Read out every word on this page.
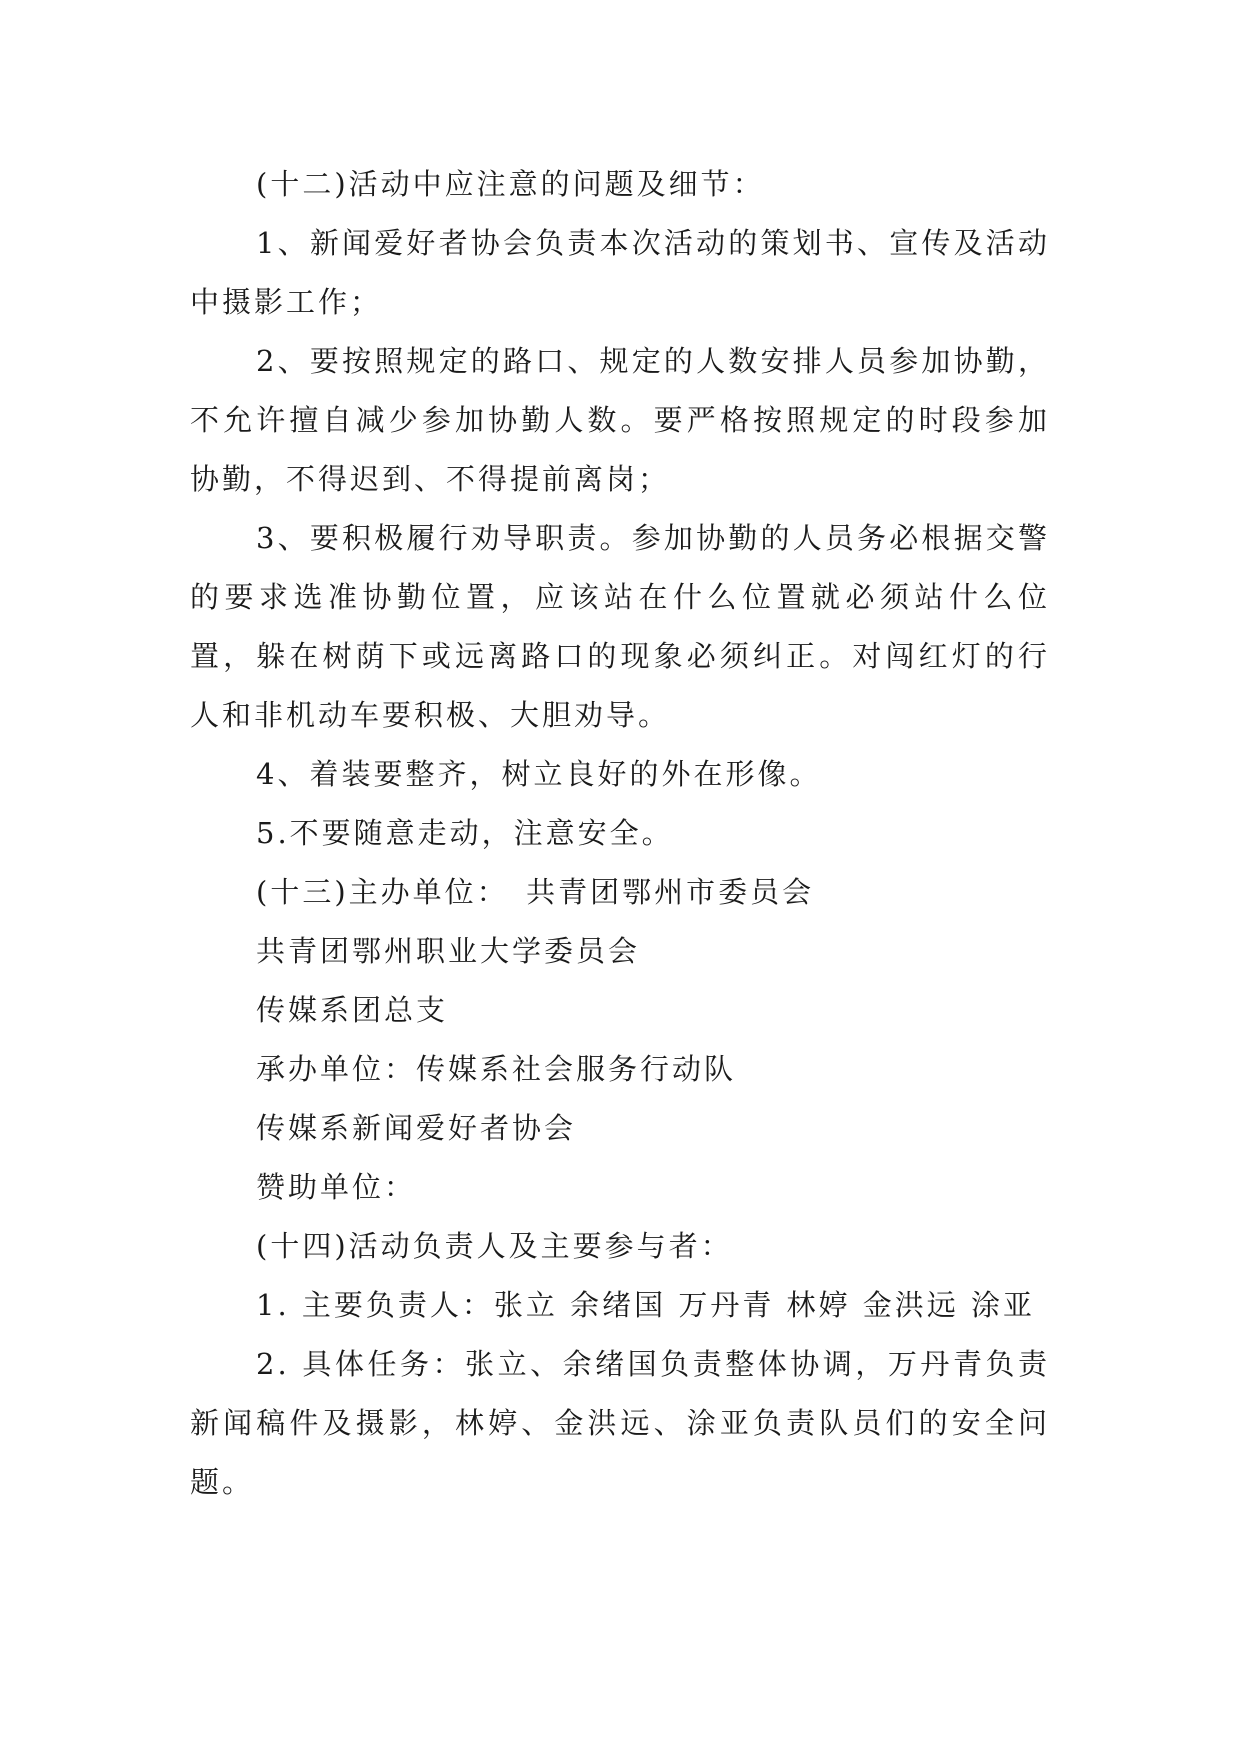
(十二)活动中应注意的问题及细节：

1、新闻爱好者协会负责本次活动的策划书、宣传及活动中摄影工作；

2、要按照规定的路口、规定的人数安排人员参加协勤，不允许擅自减少参加协勤人数。要严格按照规定的时段参加协勤，不得迟到、不得提前离岗；

3、要积极履行劝导职责。参加协勤的人员务必根据交警的要求选准协勤位置，应该站在什么位置就必须站什么位置，躲在树荫下或远离路口的现象必须纠正。对闯红灯的行人和非机动车要积极、大胆劝导。

4、着装要整齐，树立良好的外在形像。

5.不要随意走动，注意安全。

(十三)主办单位：　共青团鄂州市委员会

共青团鄂州职业大学委员会

传媒系团总支

承办单位：传媒系社会服务行动队

传媒系新闻爱好者协会

赞助单位：

(十四)活动负责人及主要参与者：

1. 主要负责人：张立 余绪国 万丹青 林婷 金洪远 涂亚

2. 具体任务：张立、余绪国负责整体协调，万丹青负责新闻稿件及摄影，林婷、金洪远、涂亚负责队员们的安全问题。
